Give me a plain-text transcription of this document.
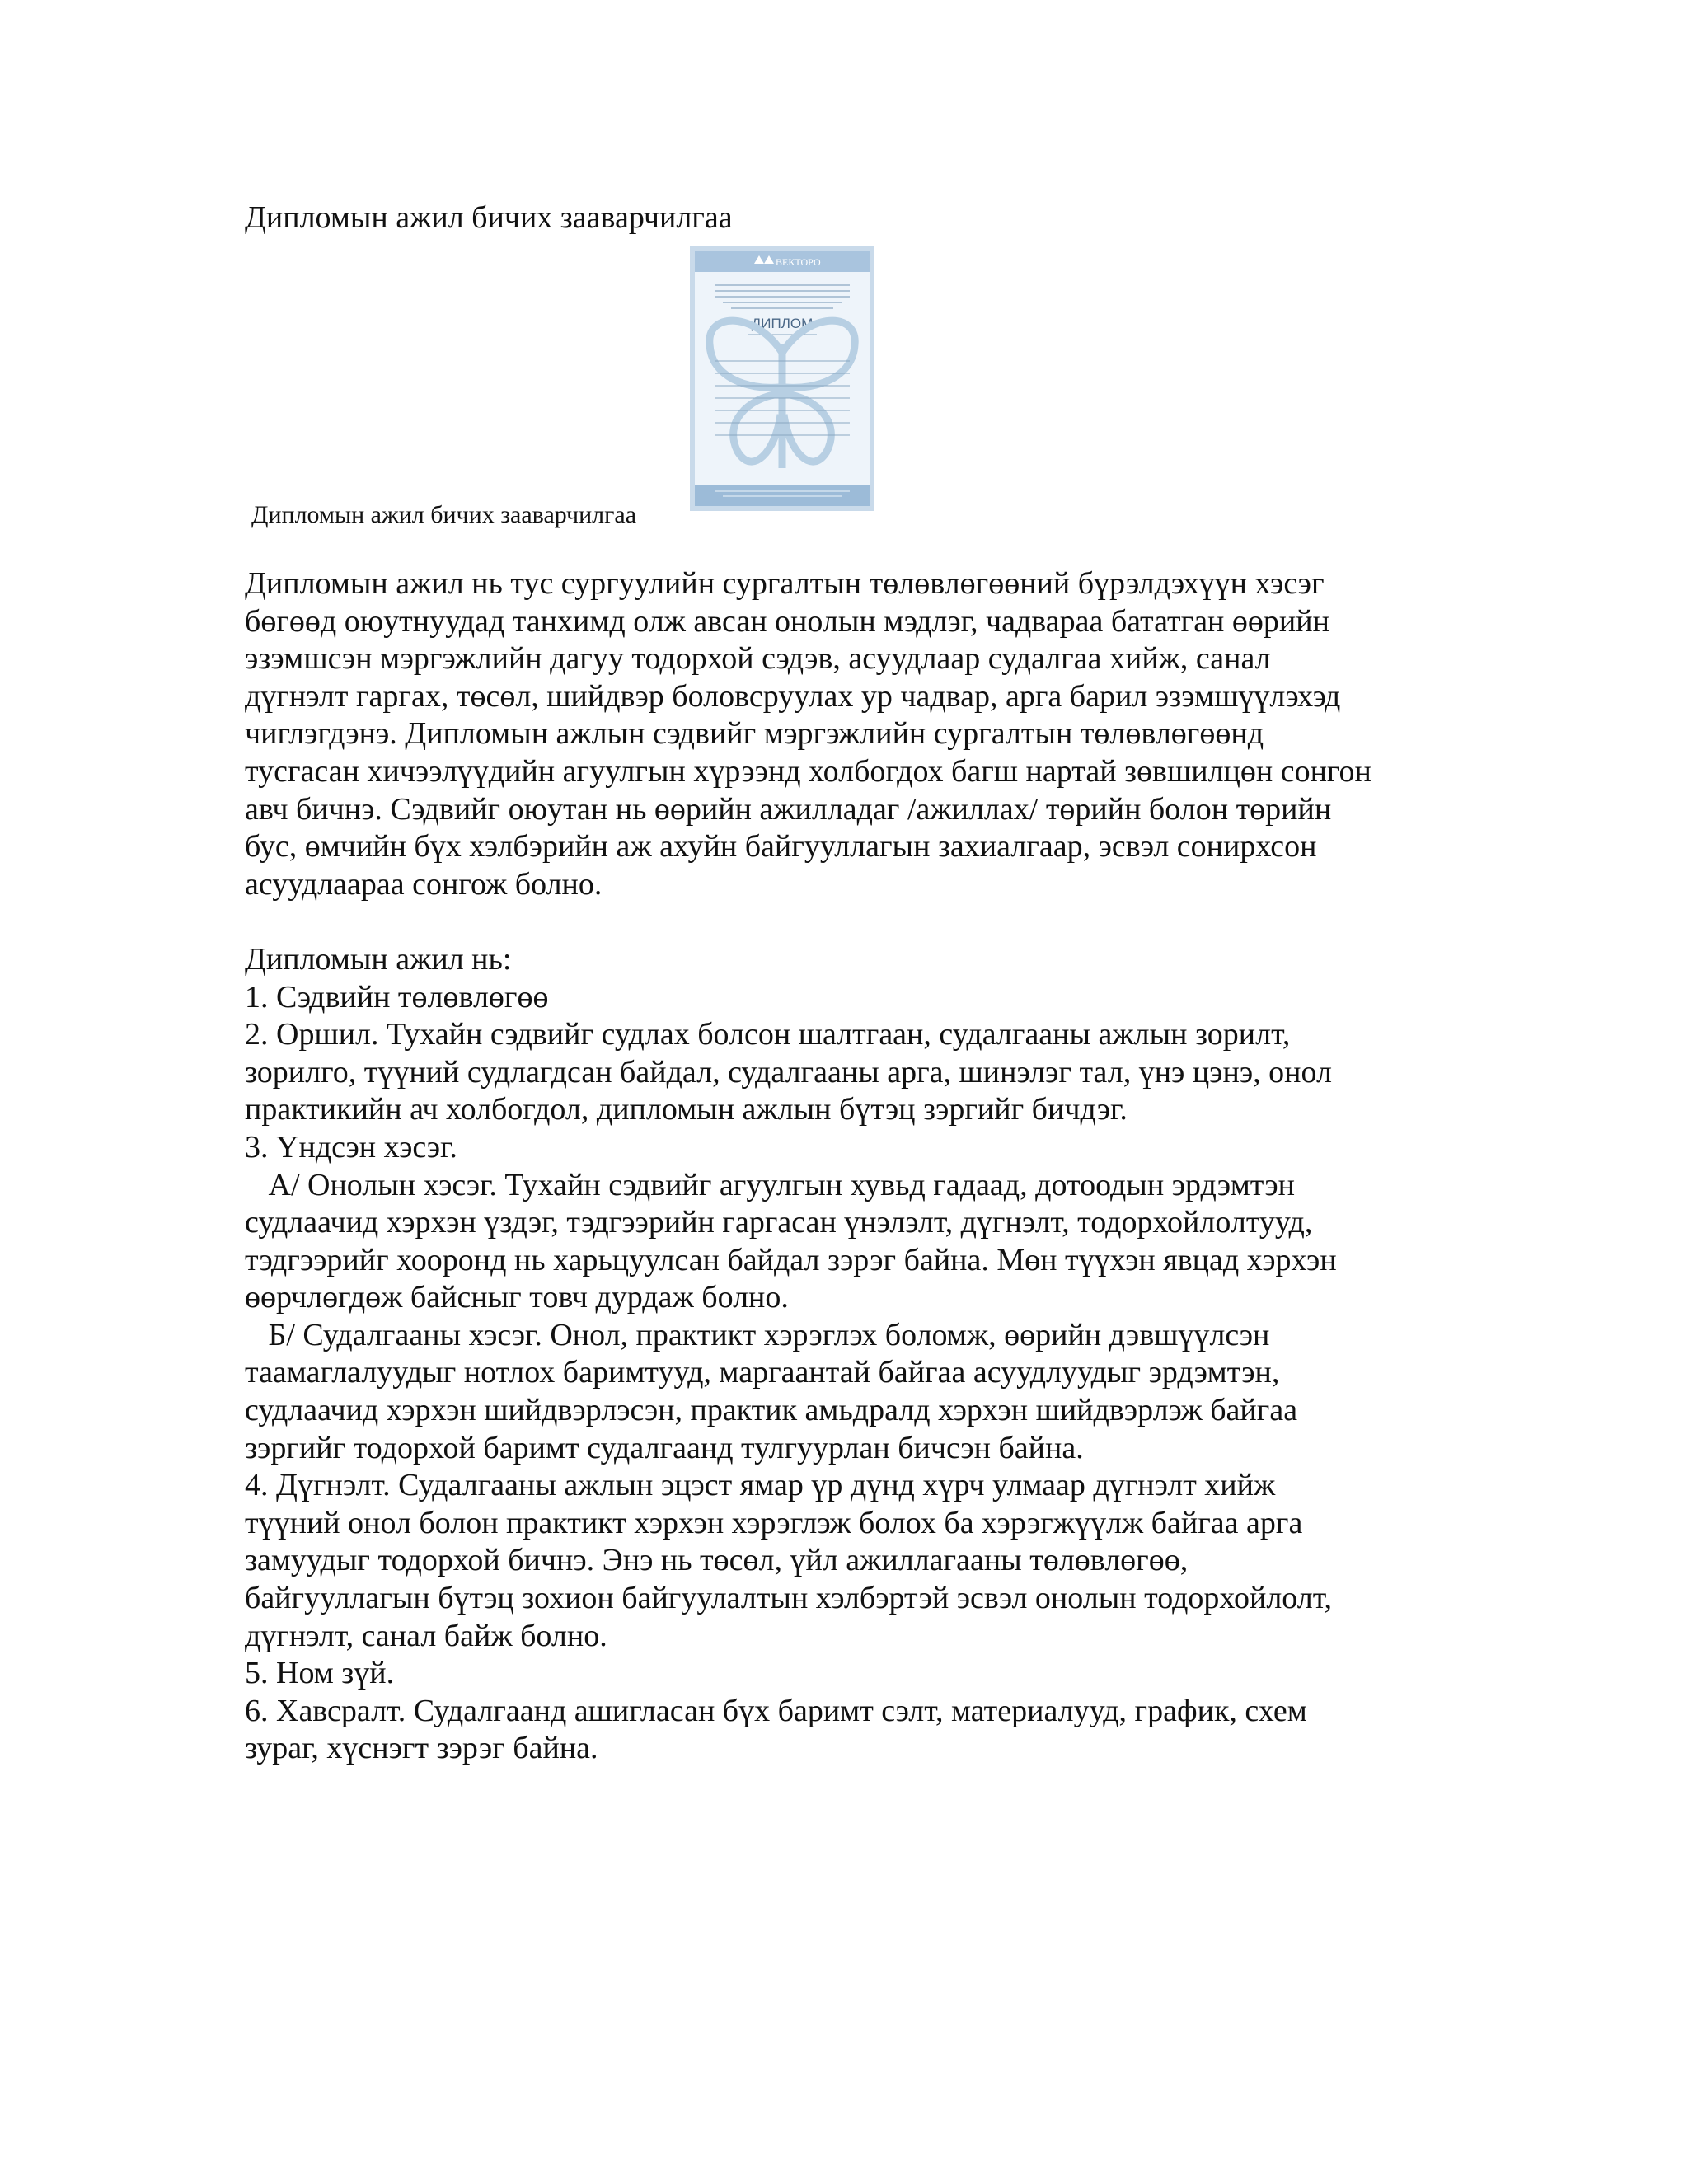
Дипломын ажил бичих зааварчилгаа
ВЕКТОРО
ДИПЛОМ
Дипломын ажил бичих зааварчилгаа

Дипломын ажил нь тус сургуулийн сургалтын төлөвлөгөөний бүрэлдэхүүн хэсэг
бөгөөд оюутнуудад танхимд олж авсан онолын мэдлэг, чадвараа бататган өөрийн
эзэмшсэн мэргэжлийн дагуу тодорхой сэдэв, асуудлаар судалгаа хийж, санал
дүгнэлт гаргах, төсөл, шийдвэр боловсруулах ур чадвар, арга барил эзэмшүүлэхэд
чиглэгдэнэ. Дипломын ажлын сэдвийг мэргэжлийн сургалтын төлөвлөгөөнд
тусгасан хичээлүүдийн агуулгын хүрээнд холбогдох багш нартай зөвшилцөн сонгон
авч бичнэ. Сэдвийг оюутан нь өөрийн ажилладаг /ажиллах/ төрийн болон төрийн
бус, өмчийн бүх хэлбэрийн аж ахуйн байгууллагын захиалгаар, эсвэл сонирхсон
асуудлаараа сонгож болно.

Дипломын ажил нь:
1. Сэдвийн төлөвлөгөө
2. Оршил. Тухайн сэдвийг судлах болсон шалтгаан, судалгааны ажлын зорилт,
зорилго, түүний судлагдсан байдал, судалгааны арга, шинэлэг тал, үнэ цэнэ, онол
практикийн ач холбогдол, дипломын ажлын бүтэц зэргийг бичдэг.
3. Үндсэн хэсэг.
А/ Онолын хэсэг. Тухайн сэдвийг агуулгын хувьд гадаад, дотоодын эрдэмтэн
судлаачид хэрхэн үздэг, тэдгээрийн гаргасан үнэлэлт, дүгнэлт, тодорхойлолтууд,
тэдгээрийг хооронд нь харьцуулсан байдал зэрэг байна. Мөн түүхэн явцад хэрхэн
өөрчлөгдөж байсныг товч дурдаж болно.
Б/ Судалгааны хэсэг. Онол, практикт хэрэглэх боломж, өөрийн дэвшүүлсэн
таамаглалуудыг нотлох баримтууд, маргаантай байгаа асуудлуудыг эрдэмтэн,
судлаачид хэрхэн шийдвэрлэсэн, практик амьдралд хэрхэн шийдвэрлэж байгаа
зэргийг тодорхой баримт судалгаанд тулгуурлан бичсэн байна.
4. Дүгнэлт. Судалгааны ажлын эцэст ямар үр дүнд хүрч улмаар дүгнэлт хийж
түүний онол болон практикт хэрхэн хэрэглэж болох ба хэрэгжүүлж байгаа арга
замуудыг тодорхой бичнэ. Энэ нь төсөл, үйл ажиллагааны төлөвлөгөө,
байгууллагын бүтэц зохион байгуулалтын хэлбэртэй эсвэл онолын тодорхойлолт,
дүгнэлт, санал байж болно.
5. Ном зүй.
6. Хавсралт. Судалгаанд ашигласан бүх баримт сэлт, материалууд, график, схем
зураг, хүснэгт зэрэг байна.
